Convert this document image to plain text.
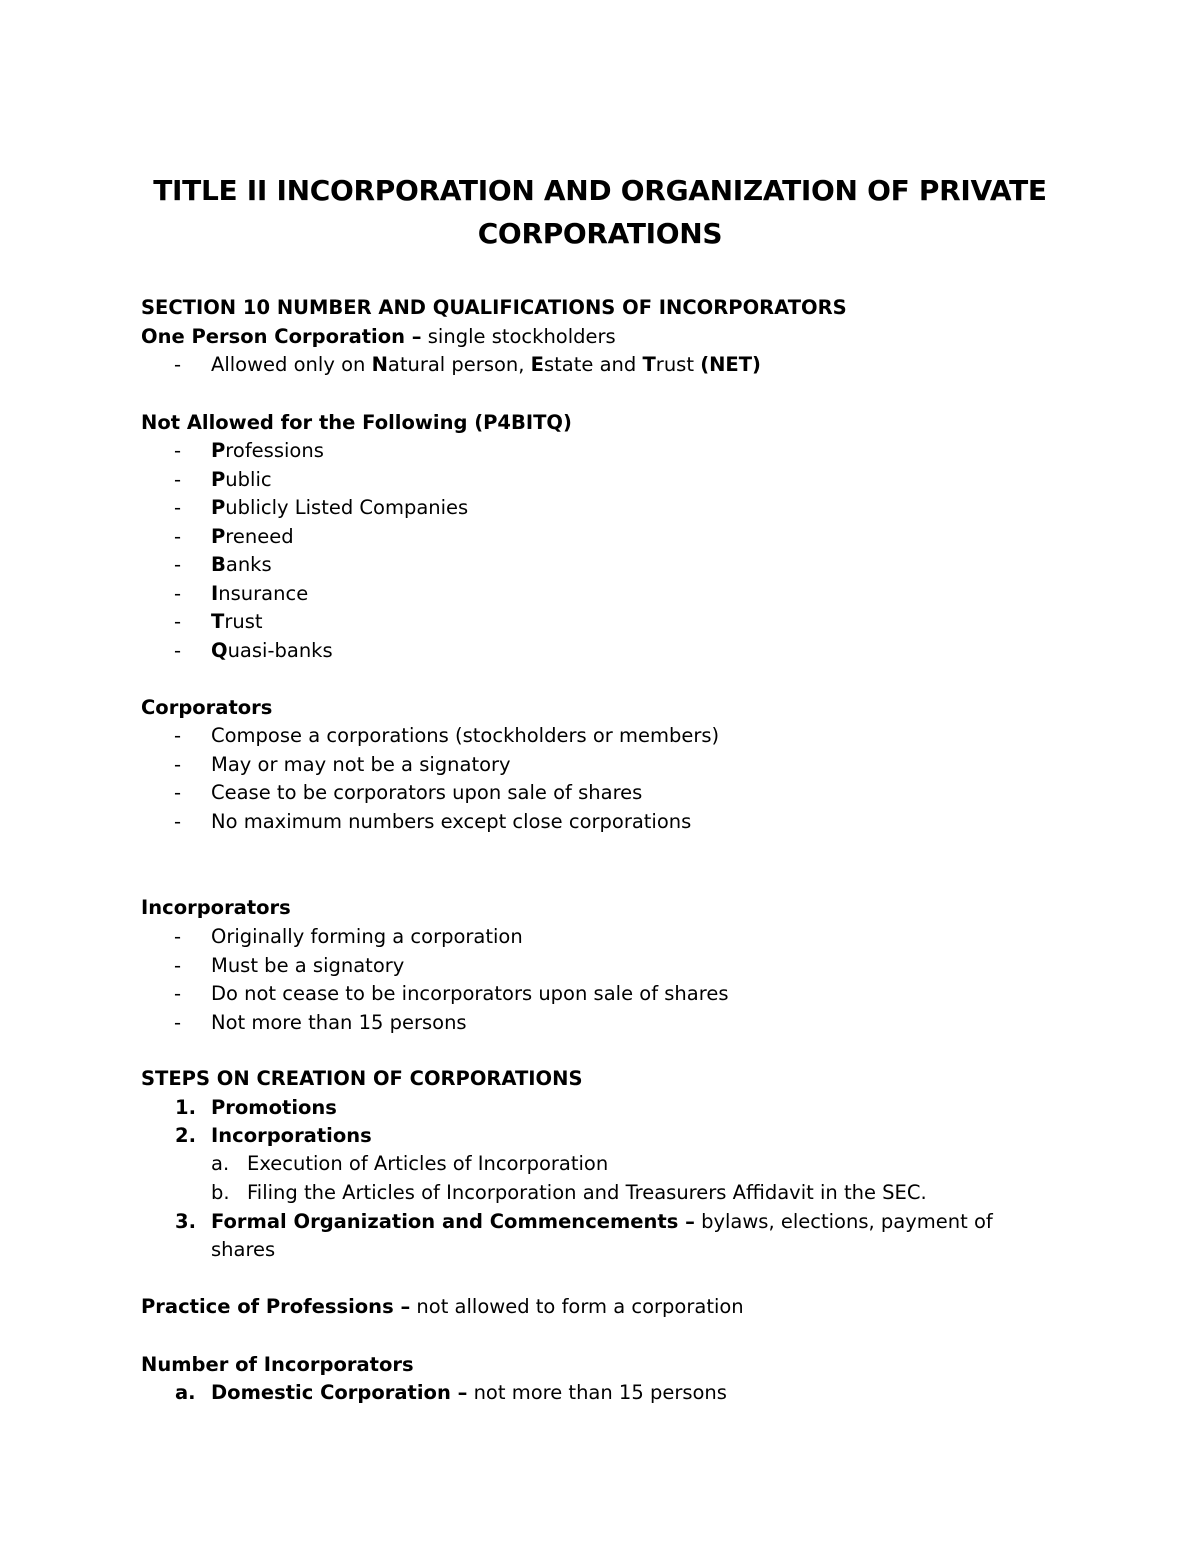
TITLE II INCORPORATION AND ORGANIZATION OF PRIVATE
CORPORATIONS
SECTION 10 NUMBER AND QUALIFICATIONS OF INCORPORATORS
One Person Corporation – single stockholders
- Allowed only on Natural person, Estate and Trust (NET)
Not Allowed for the Following (P4BITQ)
- Professions
- Public
- Publicly Listed Companies
- Preneed
- Banks
- Insurance
- Trust
- Quasi-banks
Corporators
- Compose a corporations (stockholders or members)
- May or may not be a signatory
- Cease to be corporators upon sale of shares
- No maximum numbers except close corporations
Incorporators
- Originally forming a corporation
- Must be a signatory
- Do not cease to be incorporators upon sale of shares
- Not more than 15 persons
STEPS ON CREATION OF CORPORATIONS
1. Promotions
2. Incorporations
a. Execution of Articles of Incorporation
b. Filing the Articles of Incorporation and Treasurers Affidavit in the SEC.
3. Formal Organization and Commencements – bylaws, elections, payment of
shares
Practice of Professions – not allowed to form a corporation
Number of Incorporators
a. Domestic Corporation – not more than 15 persons
